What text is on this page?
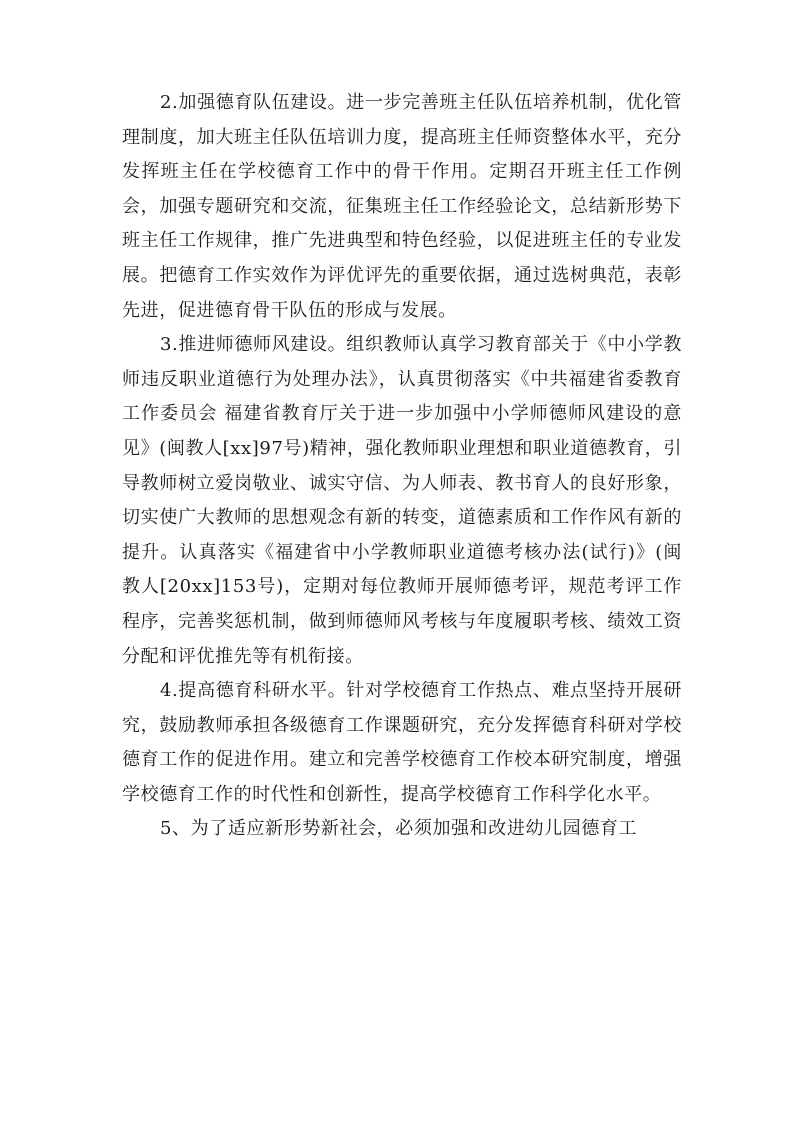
2.加强德育队伍建设。进一步完善班主任队伍培养机制，优化管理制度，加大班主任队伍培训力度，提高班主任师资整体水平，充分发挥班主任在学校德育工作中的骨干作用。定期召开班主任工作例会，加强专题研究和交流，征集班主任工作经验论文，总结新形势下班主任工作规律，推广先进典型和特色经验，以促进班主任的专业发展。把德育工作实效作为评优评先的重要依据，通过选树典范，表彰先进，促进德育骨干队伍的形成与发展。

3.推进师德师风建设。组织教师认真学习教育部关于《中小学教师违反职业道德行为处理办法》，认真贯彻落实《中共福建省委教育工作委员会 福建省教育厅关于进一步加强中小学师德师风建设的意见》(闽教人[xx]97号)精神，强化教师职业理想和职业道德教育，引导教师树立爱岗敬业、诚实守信、为人师表、教书育人的良好形象，切实使广大教师的思想观念有新的转变，道德素质和工作作风有新的提升。认真落实《福建省中小学教师职业道德考核办法(试行)》(闽教人[20xx]153号)，定期对每位教师开展师德考评，规范考评工作程序，完善奖惩机制，做到师德师风考核与年度履职考核、绩效工资分配和评优推先等有机衔接。

4.提高德育科研水平。针对学校德育工作热点、难点坚持开展研究，鼓励教师承担各级德育工作课题研究，充分发挥德育科研对学校德育工作的促进作用。建立和完善学校德育工作校本研究制度，增强学校德育工作的时代性和创新性，提高学校德育工作科学化水平。

5、为了适应新形势新社会，必须加强和改进幼儿园德育工
